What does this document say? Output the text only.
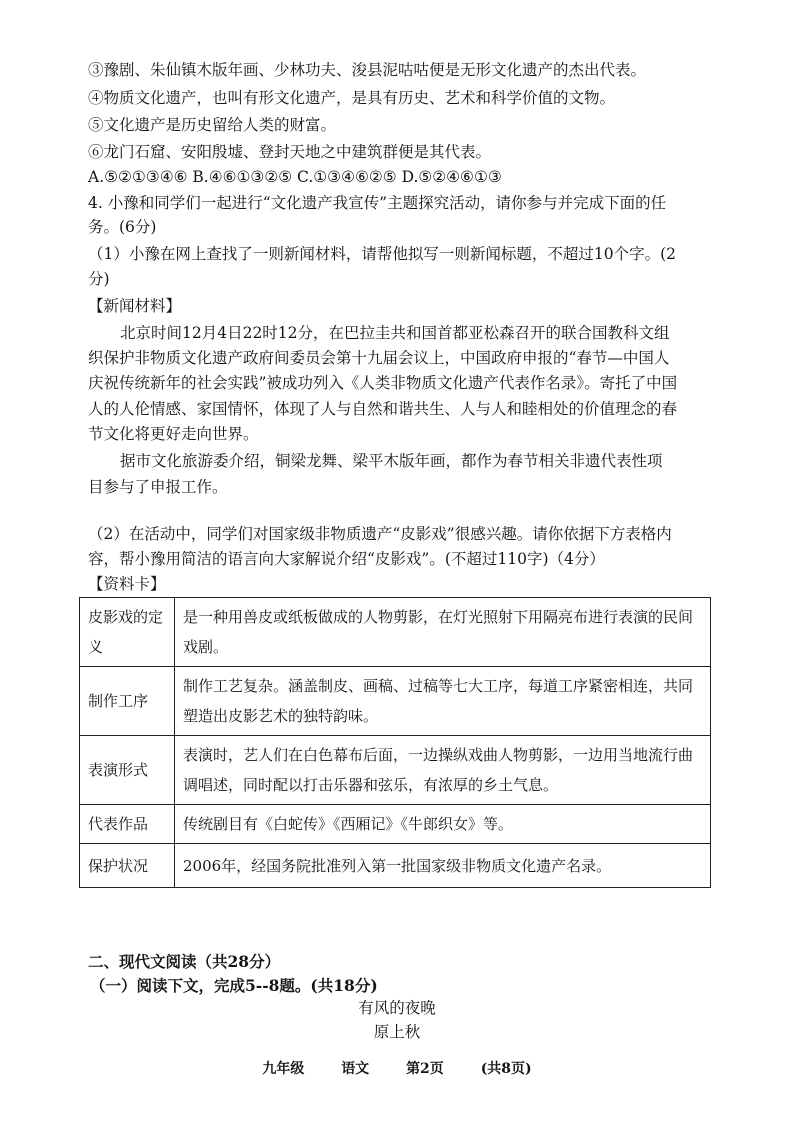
③豫剧、朱仙镇木版年画、少林功夫、浚县泥咕咕便是无形文化遗产的杰出代表。
④物质文化遗产，也叫有形文化遗产，是具有历史、艺术和科学价值的文物。
⑤文化遗产是历史留给人类的财富。
⑥龙门石窟、安阳殷墟、登封天地之中建筑群便是其代表。
A.⑤②①③④⑥ B.④⑥①③②⑤ C.①③④⑥②⑤ D.⑤②④⑥①③
4. 小豫和同学们一起进行“文化遗产我宣传”主题探究活动，请你参与并完成下面的任
务。(6分)
（1）小豫在网上查找了一则新闻材料，请帮他拟写一则新闻标题，不超过10个字。(2
分)
【新闻材料】
北京时间12月4日22时12分，在巴拉圭共和国首都亚松森召开的联合国教科文组
织保护非物质文化遗产政府间委员会第十九届会议上，中国政府申报的“春节—中国人
庆祝传统新年的社会实践”被成功列入《人类非物质文化遗产代表作名录》。寄托了中国
人的人伦情感、家国情怀，体现了人与自然和谐共生、人与人和睦相处的价值理念的春
节文化将更好走向世界。
据市文化旅游委介绍，铜梁龙舞、梁平木版年画，都作为春节相关非遗代表性项
目参与了申报工作。
（2）在活动中，同学们对国家级非物质遗产“皮影戏”很感兴趣。请你依据下方表格内
容，帮小豫用简洁的语言向大家解说介绍“皮影戏”。(不超过110字)（4分）
【资料卡】
皮影戏的定义	是一种用兽皮或纸板做成的人物剪影，在灯光照射下用隔亮布进行表演的民间戏剧。
制作工序	制作工艺复杂。涵盖制皮、画稿、过稿等七大工序，每道工序紧密相连，共同塑造出皮影艺术的独特韵味。
表演形式	表演时，艺人们在白色幕布后面，一边操纵戏曲人物剪影，一边用当地流行曲调唱述，同时配以打击乐器和弦乐，有浓厚的乡土气息。
代表作品	传统剧目有《白蛇传》《西厢记》《牛郎织女》等。
保护状况	2006年，经国务院批准列入第一批国家级非物质文化遗产名录。
二、现代文阅读（共28分）
（一）阅读下文，完成5--8题。(共18分)
有风的夜晚
原上秋
九年级	语文	第2页	(共8页)
